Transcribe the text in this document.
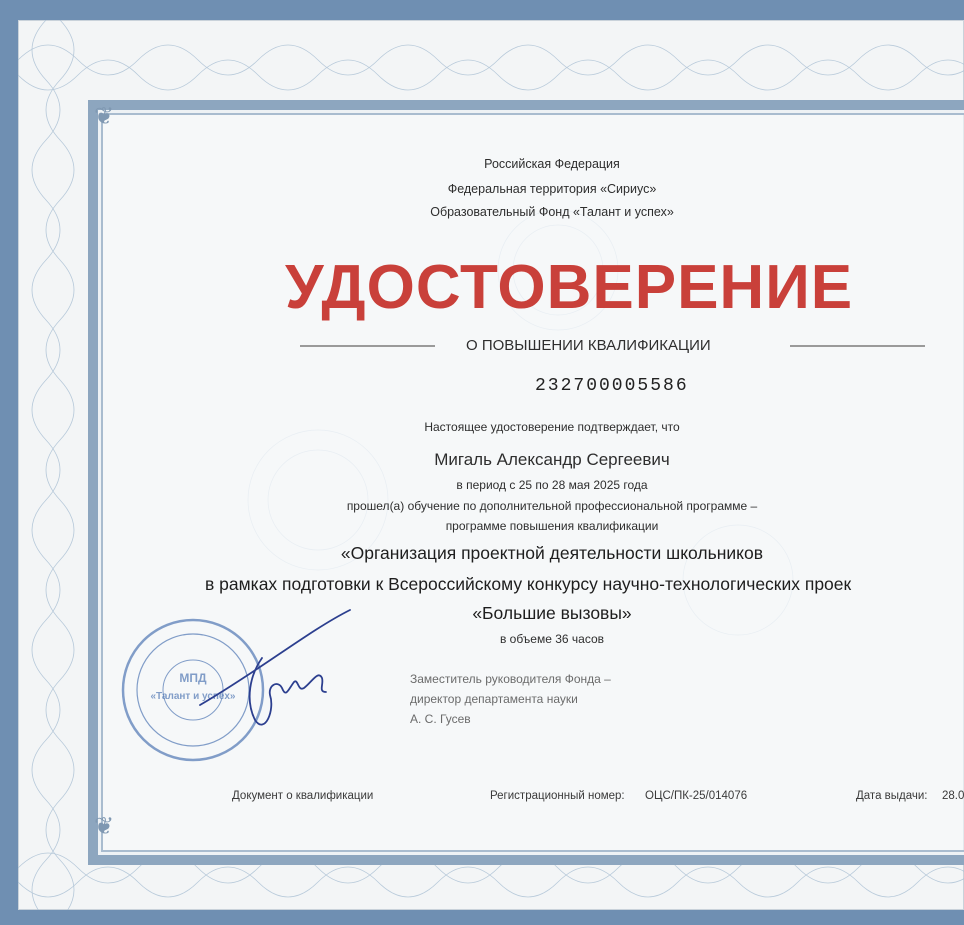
❦
❦
Российская Федерация
Федеральная территория «Сириус»
Образовательный Фонд «Талант и успех»
УДОСТОВЕРЕНИЕ
О ПОВЫШЕНИИ КВАЛИФИКАЦИИ
232700005586
Настоящее удостоверение подтверждает, что
Мигаль Александр Сергеевич
в период с 25 по 28 мая 2025 года
прошел(а) обучение по дополнительной профессиональной программе –
программе повышения квалификации
«Организация проектной деятельности школьников
в рамках подготовки к Всероссийскому конкурсу научно-технологических проек
«Большие вызовы»
в объеме 36 часов
Заместитель руководителя Фонда –
директор департамента науки
А. С. Гусев
МПД
«Талант и успех»
Документ о квалификации	Регистрационный номер: ОЦС/ПК-25/014076	Дата выдачи: 28.0
